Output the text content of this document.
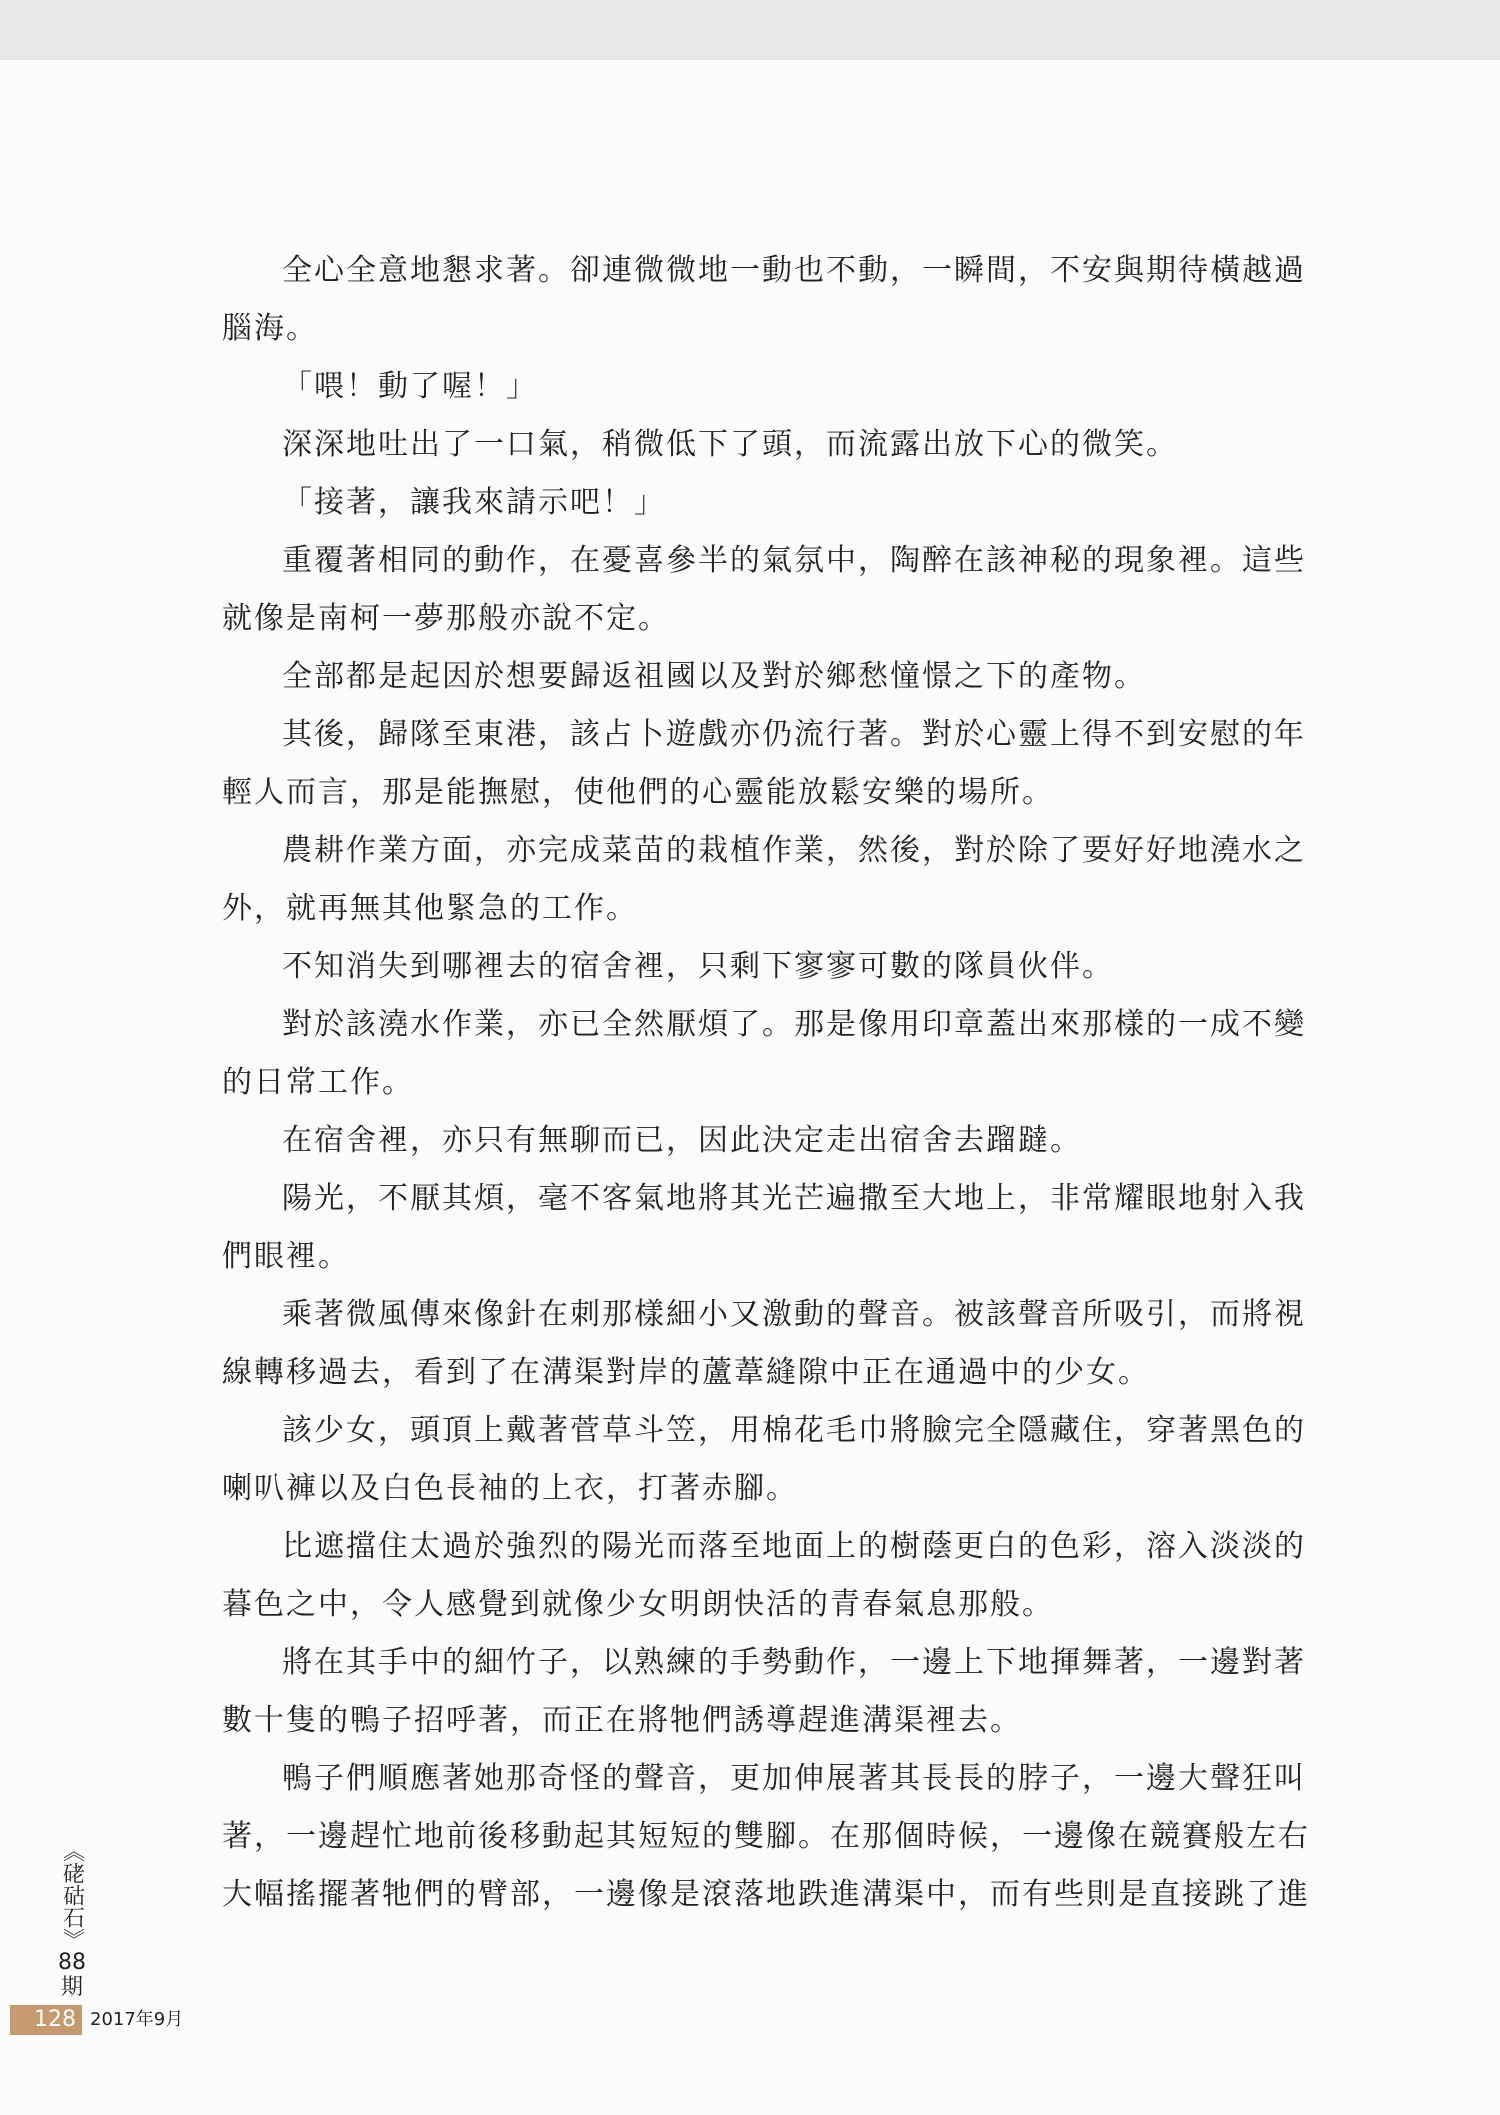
全心全意地懇求著。卻連微微地一動也不動，一瞬間，不安與期待橫越過腦海。

「喂！動了喔！」

深深地吐出了一口氣，稍微低下了頭，而流露出放下心的微笑。

「接著，讓我來請示吧！」

重覆著相同的動作，在憂喜參半的氣氛中，陶醉在該神秘的現象裡。這些就像是南柯一夢那般亦說不定。

全部都是起因於想要歸返祖國以及對於鄉愁憧憬之下的產物。

其後，歸隊至東港，該占卜遊戲亦仍流行著。對於心靈上得不到安慰的年輕人而言，那是能撫慰，使他們的心靈能放鬆安樂的場所。

農耕作業方面，亦完成菜苗的栽植作業，然後，對於除了要好好地澆水之外，就再無其他緊急的工作。

不知消失到哪裡去的宿舍裡，只剩下寥寥可數的隊員伙伴。

對於該澆水作業，亦已全然厭煩了。那是像用印章蓋出來那樣的一成不變的日常工作。

在宿舍裡，亦只有無聊而已，因此決定走出宿舍去蹓躂。

陽光，不厭其煩，毫不客氣地將其光芒遍撒至大地上，非常耀眼地射入我們眼裡。

乘著微風傳來像針在刺那樣細小又激動的聲音。被該聲音所吸引，而將視線轉移過去，看到了在溝渠對岸的蘆葦縫隙中正在通過中的少女。

該少女，頭頂上戴著菅草斗笠，用棉花毛巾將臉完全隱藏住，穿著黑色的喇叭褲以及白色長袖的上衣，打著赤腳。

比遮擋住太過於強烈的陽光而落至地面上的樹蔭更白的色彩，溶入淡淡的暮色之中，令人感覺到就像少女明朗快活的青春氣息那般。

將在其手中的細竹子，以熟練的手勢動作，一邊上下地揮舞著，一邊對著數十隻的鴨子招呼著，而正在將牠們誘導趕進溝渠裡去。

鴨子們順應著她那奇怪的聲音，更加伸展著其長長的脖子，一邊大聲狂叫著，一邊趕忙地前後移動起其短短的雙腳。在那個時候，一邊像在競賽般左右大幅搖擺著牠們的臂部，一邊像是滾落地跌進溝渠中，而有些則是直接跳了進

《硓𥑮石》
88
期
128 2017年9月
